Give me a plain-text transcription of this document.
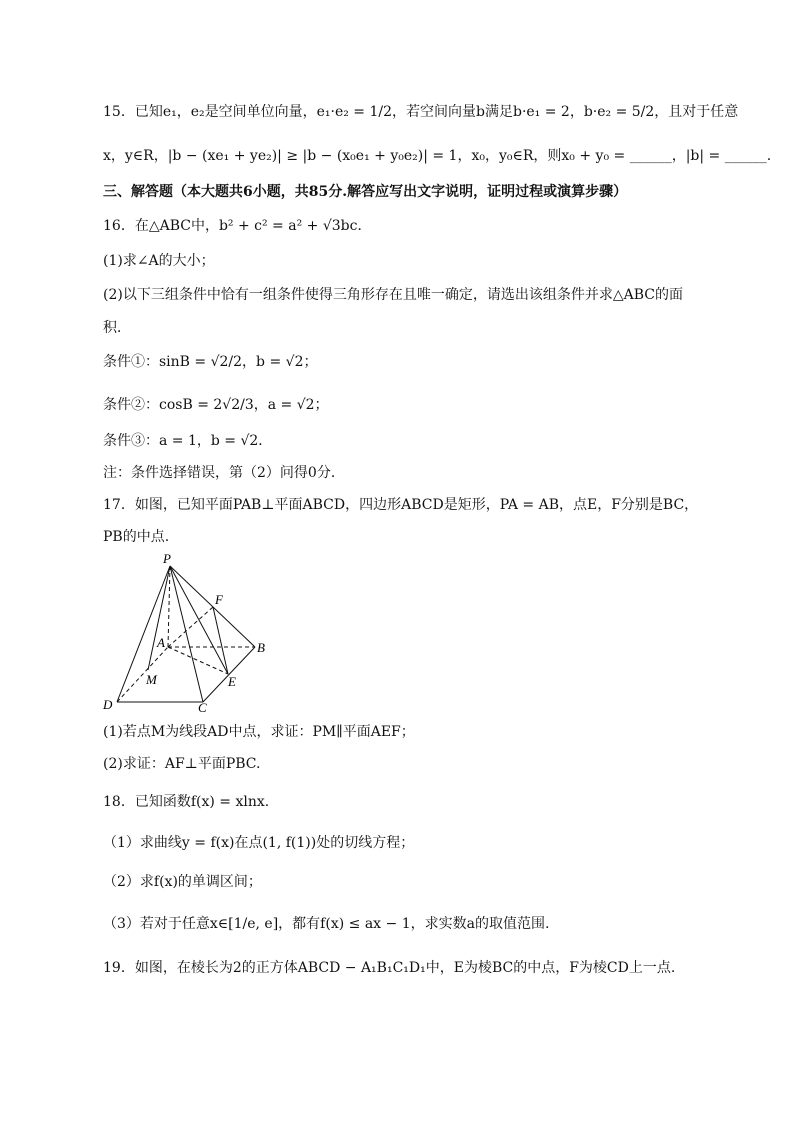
15．已知e₁，e₂是空间单位向量，e₁·e₂ = 1/2，若空间向量b满足b·e₁ = 2，b·e₂ = 5/2，且对于任意
x，y∈R，|b − (xe₁ + ye₂)| ≥ |b − (x₀e₁ + y₀e₂)| = 1，x₀，y₀∈R，则x₀ + y₀ = ______，|b| = ______.
三、解答题（本大题共6小题，共85分.解答应写出文字说明，证明过程或演算步骤）
16．在△ABC中，b² + c² = a² + √3bc．
(1)求∠A的大小；
(2)以下三组条件中恰有一组条件使得三角形存在且唯一确定，请选出该组条件并求△ABC的面
积．
条件①：sinB = √2/2，b = √2；
条件②：cosB = 2√2/3，a = √2；
条件③：a = 1，b = √2．
注：条件选择错误，第（2）问得0分．
17．如图，已知平面PAB⊥平面ABCD，四边形ABCD是矩形，PA = AB，点E，F分别是BC，
PB的中点.
P
F
A	B
M	E
D	C
(1)若点M为线段AD中点，求证：PM∥平面AEF；
(2)求证：AF⊥平面PBC.
18．已知函数f(x) = xlnx.
（1）求曲线y = f(x)在点(1, f(1))处的切线方程；
（2）求f(x)的单调区间；
（3）若对于任意x∈[1/e, e]，都有f(x) ≤ ax − 1，求实数a的取值范围.
19．如图，在棱长为2的正方体ABCD − A₁B₁C₁D₁中，E为棱BC的中点，F为棱CD上一点.
